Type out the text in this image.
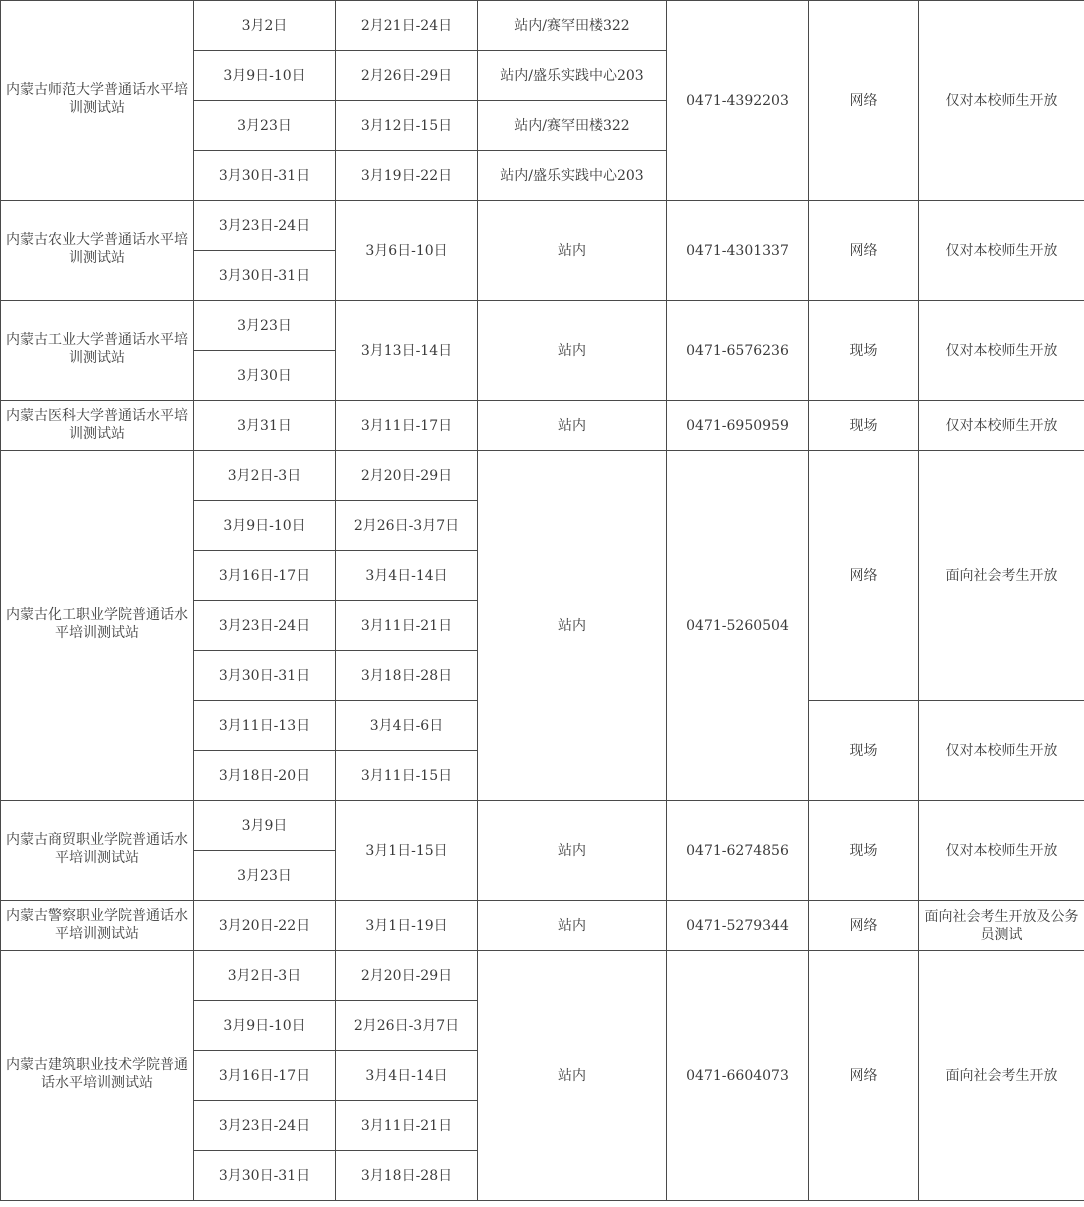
内蒙古师范大学普通话水平培训测试站	3月2日	2月21日-24日	站内/赛罕田楼322	0471-4392203	网络	仅对本校师生开放
	3月9日-10日	2月26日-29日	站内/盛乐实践中心203			
	3月23日	3月12日-15日	站内/赛罕田楼322			
	3月30日-31日	3月19日-22日	站内/盛乐实践中心203			
内蒙古农业大学普通话水平培训测试站	3月23日-24日	3月6日-10日	站内	0471-4301337	网络	仅对本校师生开放
	3月30日-31日					
内蒙古工业大学普通话水平培训测试站	3月23日	3月13日-14日	站内	0471-6576236	现场	仅对本校师生开放
	3月30日					
内蒙古医科大学普通话水平培训测试站	3月31日	3月11日-17日	站内	0471-6950959	现场	仅对本校师生开放
内蒙古化工职业学院普通话水平培训测试站	3月2日-3日	2月20日-29日	站内	0471-5260504	网络	面向社会考生开放
	3月9日-10日	2月26日-3月7日				
	3月16日-17日	3月4日-14日				
	3月23日-24日	3月11日-21日				
	3月30日-31日	3月18日-28日				
	3月11日-13日	3月4日-6日			现场	仅对本校师生开放
	3月18日-20日	3月11日-15日				
内蒙古商贸职业学院普通话水平培训测试站	3月9日	3月1日-15日	站内	0471-6274856	现场	仅对本校师生开放
	3月23日					
内蒙古警察职业学院普通话水平培训测试站	3月20日-22日	3月1日-19日	站内	0471-5279344	网络	面向社会考生开放及公务员测试
内蒙古建筑职业技术学院普通话水平培训测试站	3月2日-3日	2月20日-29日	站内	0471-6604073	网络	面向社会考生开放
	3月9日-10日	2月26日-3月7日				
	3月16日-17日	3月4日-14日				
	3月23日-24日	3月11日-21日				
	3月30日-31日	3月18日-28日				
